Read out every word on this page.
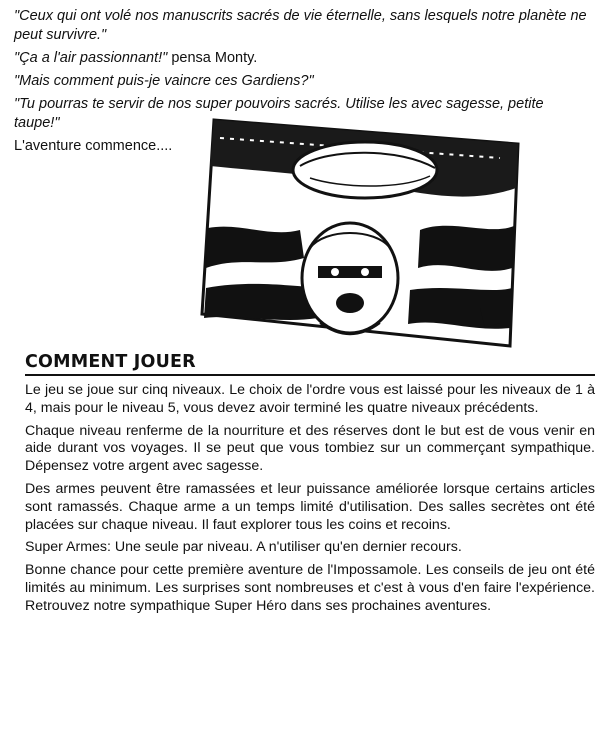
"Ceux qui ont volé nos manuscrits sacrés de vie éternelle, sans lesquels notre planète ne peut survivre."

"Ça a l'air passionnant!" pensa Monty.

"Mais comment puis-je vaincre ces Gardiens?"

"Tu pourras te servir de nos super pouvoirs sacrés. Utilise les avec sagesse, petite taupe!"

L'aventure commence....

COMMENT JOUER

Le jeu se joue sur cinq niveaux. Le choix de l'ordre vous est laissé pour les niveaux de 1 à 4, mais pour le niveau 5, vous devez avoir terminé les quatre niveaux précédents.

Chaque niveau renferme de la nourriture et des réserves dont le but est de vous venir en aide durant vos voyages. Il se peut que vous tombiez sur un commerçant sympathique. Dépensez votre argent avec sagesse.

Des armes peuvent être ramassées et leur puissance améliorée lorsque certains articles sont ramassés. Chaque arme a un temps limité d'utilisation. Des salles secrètes ont été placées sur chaque niveau. Il faut explorer tous les coins et recoins.

Super Armes: Une seule par niveau. A n'utiliser qu'en dernier recours.

Bonne chance pour cette première aventure de l'Impossamole. Les conseils de jeu ont été limités au minimum. Les surprises sont nombreuses et c'est à vous d'en faire l'expérience. Retrouvez notre sympathique Super Héro dans ses prochaines aventures.
